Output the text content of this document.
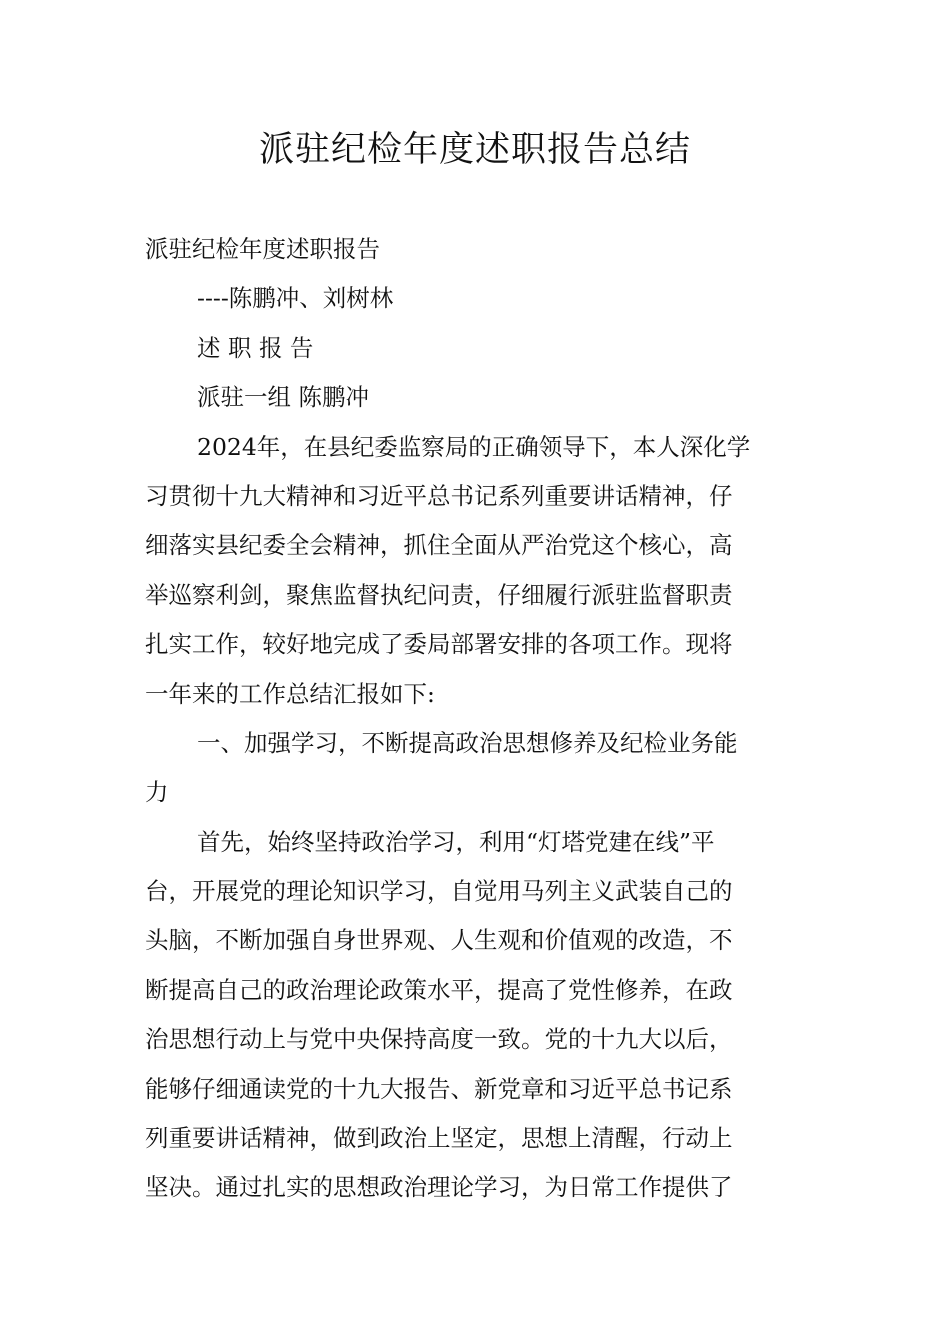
派驻纪检年度述职报告总结
派驻纪检年度述职报告
----陈鹏冲、刘树林
述 职 报 告
派驻一组 陈鹏冲
2024年，在县纪委监察局的正确领导下，本人深化学
习贯彻十九大精神和习近平总书记系列重要讲话精神，仔
细落实县纪委全会精神，抓住全面从严治党这个核心，高
举巡察利剑，聚焦监督执纪问责，仔细履行派驻监督职责
扎实工作，较好地完成了委局部署安排的各项工作。现将
一年来的工作总结汇报如下:
一、加强学习，不断提高政治思想修养及纪检业务能
力
首先，始终坚持政治学习，利用“灯塔党建在线”平
台，开展党的理论知识学习，自觉用马列主义武装自己的
头脑，不断加强自身世界观、人生观和价值观的改造，不
断提高自己的政治理论政策水平，提高了党性修养，在政
治思想行动上与党中央保持高度一致。党的十九大以后，
能够仔细通读党的十九大报告、新党章和习近平总书记系
列重要讲话精神，做到政治上坚定，思想上清醒，行动上
坚决。通过扎实的思想政治理论学习，为日常工作提供了
